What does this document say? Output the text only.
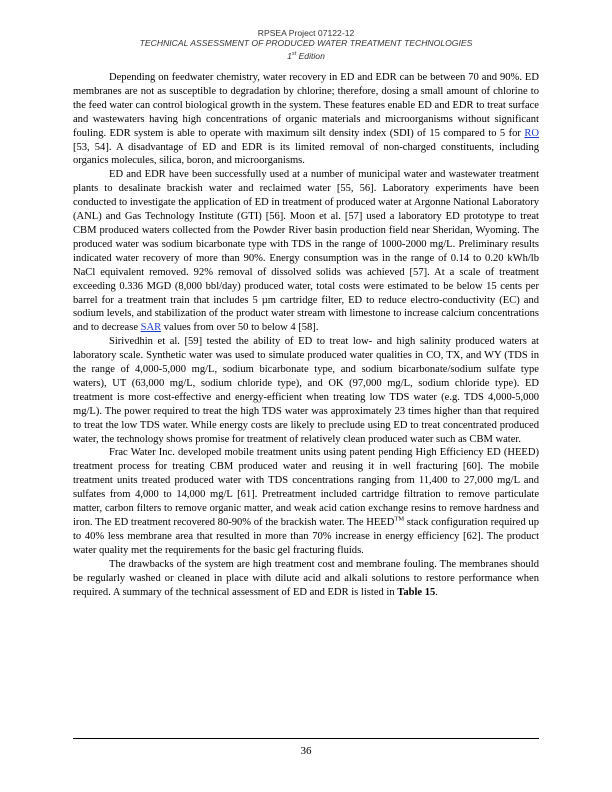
RPSEA Project 07122-12
TECHNICAL ASSESSMENT OF PRODUCED WATER TREATMENT TECHNOLOGIES
1st Edition

Depending on feedwater chemistry, water recovery in ED and EDR can be between 70 and 90%. ED membranes are not as susceptible to degradation by chlorine; therefore, dosing a small amount of chlorine to the feed water can control biological growth in the system. These features enable ED and EDR to treat surface and wastewaters having high concentrations of organic materials and microorganisms without significant fouling. EDR system is able to operate with maximum silt density index (SDI) of 15 compared to 5 for RO [53, 54]. A disadvantage of ED and EDR is its limited removal of non-charged constituents, including organics molecules, silica, boron, and microorganisms.

ED and EDR have been successfully used at a number of municipal water and wastewater treatment plants to desalinate brackish water and reclaimed water [55, 56]. Laboratory experiments have been conducted to investigate the application of ED in treatment of produced water at Argonne National Laboratory (ANL) and Gas Technology Institute (GTI) [56]. Moon et al. [57] used a laboratory ED prototype to treat CBM produced waters collected from the Powder River basin production field near Sheridan, Wyoming. The produced water was sodium bicarbonate type with TDS in the range of 1000-2000 mg/L. Preliminary results indicated water recovery of more than 90%. Energy consumption was in the range of 0.14 to 0.20 kWh/lb NaCl equivalent removed. 92% removal of dissolved solids was achieved [57]. At a scale of treatment exceeding 0.336 MGD (8,000 bbl/day) produced water, total costs were estimated to be below 15 cents per barrel for a treatment train that includes 5 µm cartridge filter, ED to reduce electro-conductivity (EC) and sodium levels, and stabilization of the product water stream with limestone to increase calcium concentrations and to decrease SAR values from over 50 to below 4 [58].

Sirivedhin et al. [59] tested the ability of ED to treat low- and high salinity produced waters at laboratory scale. Synthetic water was used to simulate produced water qualities in CO, TX, and WY (TDS in the range of 4,000-5,000 mg/L, sodium bicarbonate type, and sodium bicarbonate/sodium sulfate type waters), UT (63,000 mg/L, sodium chloride type), and OK (97,000 mg/L, sodium chloride type). ED treatment is more cost-effective and energy-efficient when treating low TDS water (e.g. TDS 4,000-5,000 mg/L). The power required to treat the high TDS water was approximately 23 times higher than that required to treat the low TDS water. While energy costs are likely to preclude using ED to treat concentrated produced water, the technology shows promise for treatment of relatively clean produced water such as CBM water.

Frac Water Inc. developed mobile treatment units using patent pending High Efficiency ED (HEED) treatment process for treating CBM produced water and reusing it in well fracturing [60]. The mobile treatment units treated produced water with TDS concentrations ranging from 11,400 to 27,000 mg/L and sulfates from 4,000 to 14,000 mg/L [61]. Pretreatment included cartridge filtration to remove particulate matter, carbon filters to remove organic matter, and weak acid cation exchange resins to remove hardness and iron. The ED treatment recovered 80-90% of the brackish water. The HEED™ stack configuration required up to 40% less membrane area that resulted in more than 70% increase in energy efficiency [62]. The product water quality met the requirements for the basic gel fracturing fluids.

The drawbacks of the system are high treatment cost and membrane fouling. The membranes should be regularly washed or cleaned in place with dilute acid and alkali solutions to restore performance when required. A summary of the technical assessment of ED and EDR is listed in Table 15.

36
